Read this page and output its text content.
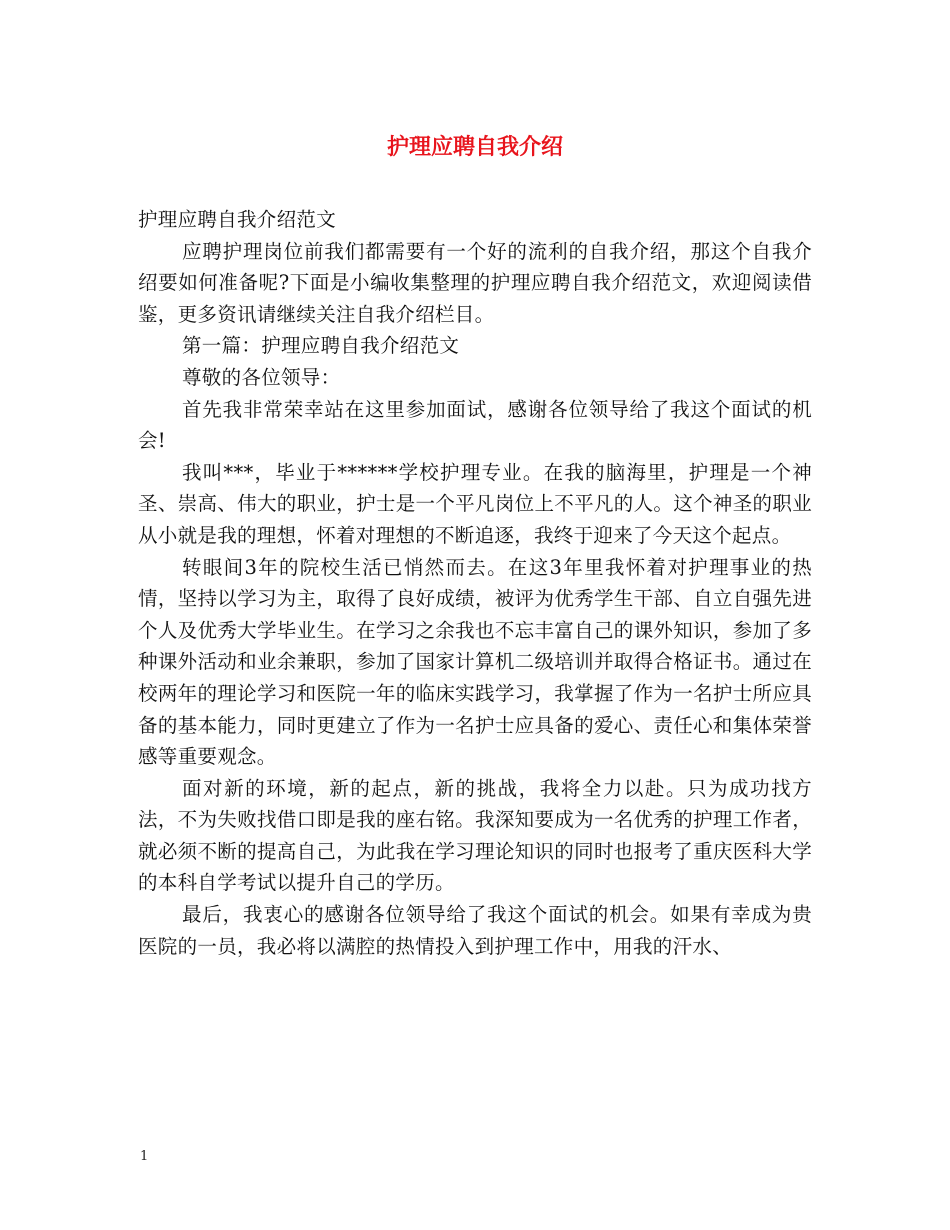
护理应聘自我介绍

护理应聘自我介绍范文

应聘护理岗位前我们都需要有一个好的流利的自我介绍，那这个自我介绍要如何准备呢?下面是小编收集整理的护理应聘自我介绍范文，欢迎阅读借鉴，更多资讯请继续关注自我介绍栏目。

第一篇：护理应聘自我介绍范文

尊敬的各位领导：

首先我非常荣幸站在这里参加面试，感谢各位领导给了我这个面试的机会!

我叫***，毕业于******学校护理专业。在我的脑海里，护理是一个神圣、崇高、伟大的职业，护士是一个平凡岗位上不平凡的人。这个神圣的职业从小就是我的理想，怀着对理想的不断追逐，我终于迎来了今天这个起点。

转眼间3年的院校生活已悄然而去。在这3年里我怀着对护理事业的热情，坚持以学习为主，取得了良好成绩，被评为优秀学生干部、自立自强先进个人及优秀大学毕业生。在学习之余我也不忘丰富自己的课外知识，参加了多种课外活动和业余兼职，参加了国家计算机二级培训并取得合格证书。通过在校两年的理论学习和医院一年的临床实践学习，我掌握了作为一名护士所应具备的基本能力，同时更建立了作为一名护士应具备的爱心、责任心和集体荣誉感等重要观念。

面对新的环境，新的起点，新的挑战，我将全力以赴。只为成功找方法，不为失败找借口即是我的座右铭。我深知要成为一名优秀的护理工作者，就必须不断的提高自己，为此我在学习理论知识的同时也报考了重庆医科大学的本科自学考试以提升自己的学历。

最后，我衷心的感谢各位领导给了我这个面试的机会。如果有幸成为贵医院的一员，我必将以满腔的热情投入到护理工作中，用我的汗水、

1
